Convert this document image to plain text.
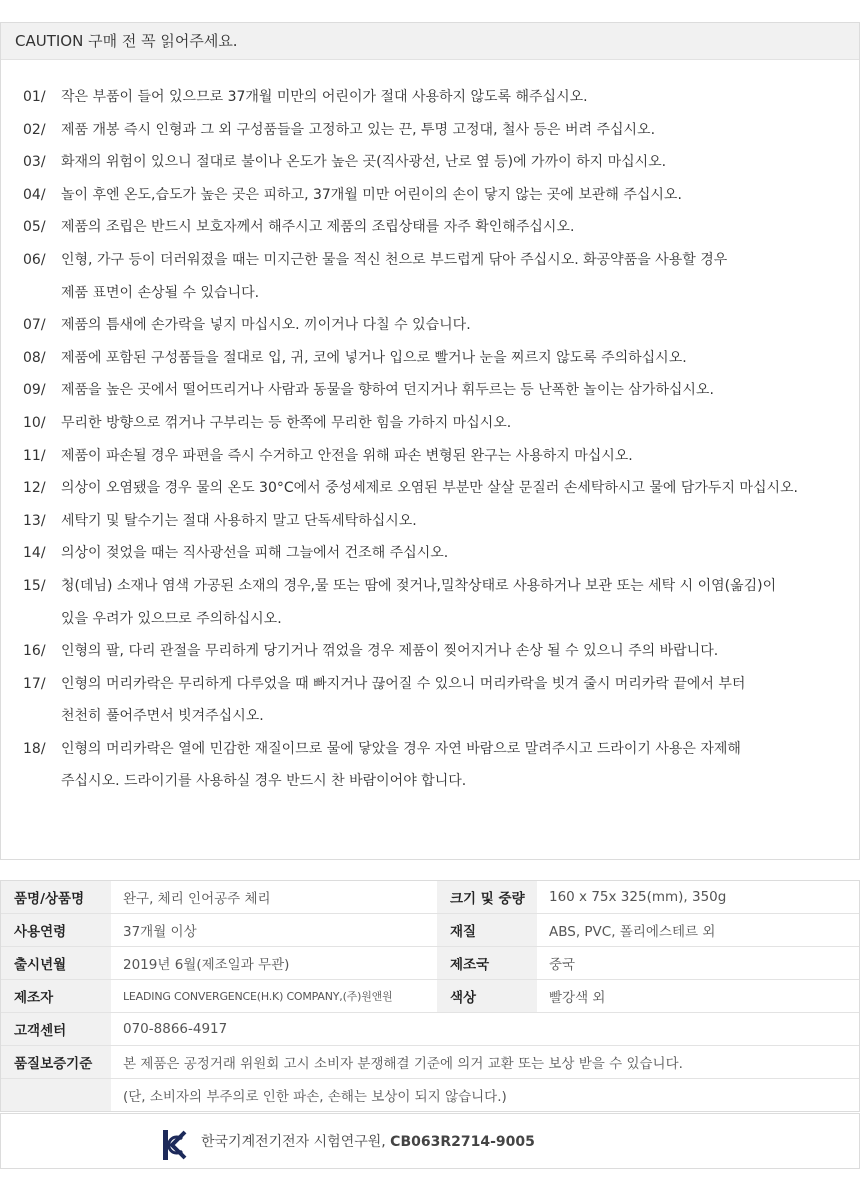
CAUTION 구매 전 꼭 읽어주세요.
01/ 작은 부품이 들어 있으므로 37개월 미만의 어린이가 절대 사용하지 않도록 해주십시오.
02/ 제품 개봉 즉시 인형과 그 외 구성품들을 고정하고 있는 끈, 투명 고정대, 철사 등은 버려 주십시오.
03/ 화재의 위험이 있으니 절대로 불이나 온도가 높은 곳(직사광선, 난로 옆 등)에 가까이 하지 마십시오.
04/ 놀이 후엔 온도,습도가 높은 곳은 피하고, 37개월 미만 어린이의 손이 닿지 않는 곳에 보관해 주십시오.
05/ 제품의 조립은 반드시 보호자께서 해주시고 제품의 조립상태를 자주 확인해주십시오.
06/ 인형, 가구 등이 더러워졌을 때는 미지근한 물을 적신 천으로 부드럽게 닦아 주십시오. 화공약품을 사용할 경우
제품 표면이 손상될 수 있습니다.
07/ 제품의 틈새에 손가락을 넣지 마십시오. 끼이거나 다칠 수 있습니다.
08/ 제품에 포함된 구성품들을 절대로 입, 귀, 코에 넣거나 입으로 빨거나 눈을 찌르지 않도록 주의하십시오.
09/ 제품을 높은 곳에서 떨어뜨리거나 사람과 동물을 향하여 던지거나 휘두르는 등 난폭한 놀이는 삼가하십시오.
10/ 무리한 방향으로 꺾거나 구부리는 등 한쪽에 무리한 힘을 가하지 마십시오.
11/ 제품이 파손될 경우 파편을 즉시 수거하고 안전을 위해 파손 변형된 완구는 사용하지 마십시오.
12/ 의상이 오염됐을 경우 물의 온도 30°C에서 중성세제로 오염된 부분만 살살 문질러 손세탁하시고 물에 담가두지 마십시오.
13/ 세탁기 및 탈수기는 절대 사용하지 말고 단독세탁하십시오.
14/ 의상이 젖었을 때는 직사광선을 피해 그늘에서 건조해 주십시오.
15/ 청(데님) 소재나 염색 가공된 소재의 경우,물 또는 땀에 젖거나,밀착상태로 사용하거나 보관 또는 세탁 시 이염(옮김)이
있을 우려가 있으므로 주의하십시오.
16/ 인형의 팔, 다리 관절을 무리하게 당기거나 꺾었을 경우 제품이 찢어지거나 손상 될 수 있으니 주의 바랍니다.
17/ 인형의 머리카락은 무리하게 다루었을 때 빠지거나 끊어질 수 있으니 머리카락을 빗겨 줄시 머리카락 끝에서 부터
천천히 풀어주면서 빗겨주십시오.
18/ 인형의 머리카락은 열에 민감한 재질이므로 물에 닿았을 경우 자연 바람으로 말려주시고 드라이기 사용은 자제해
주십시오. 드라이기를 사용하실 경우 반드시 찬 바람이어야 합니다.
품명/상품명	완구, 체리 인어공주 체리	크기 및 중량	160 x 75x 325(mm), 350g
사용연령	37개월 이상	재질	ABS, PVC, 폴리에스테르 외
출시년월	2019년 6월(제조일과 무관)	제조국	중국
제조자	LEADING CONVERGENCE(H.K) COMPANY,(주)원앤원	색상	빨강색 외
고객센터	070-8866-4917		
품질보증기준	본 제품은 공정거래 위원회 고시 소비자 분쟁해결 기준에 의거 교환 또는 보상 받을 수 있습니다.		
	(단, 소비자의 부주의로 인한 파손, 손해는 보상이 되지 않습니다.)		
한국기계전기전자 시험연구원, CB063R2714-9005
